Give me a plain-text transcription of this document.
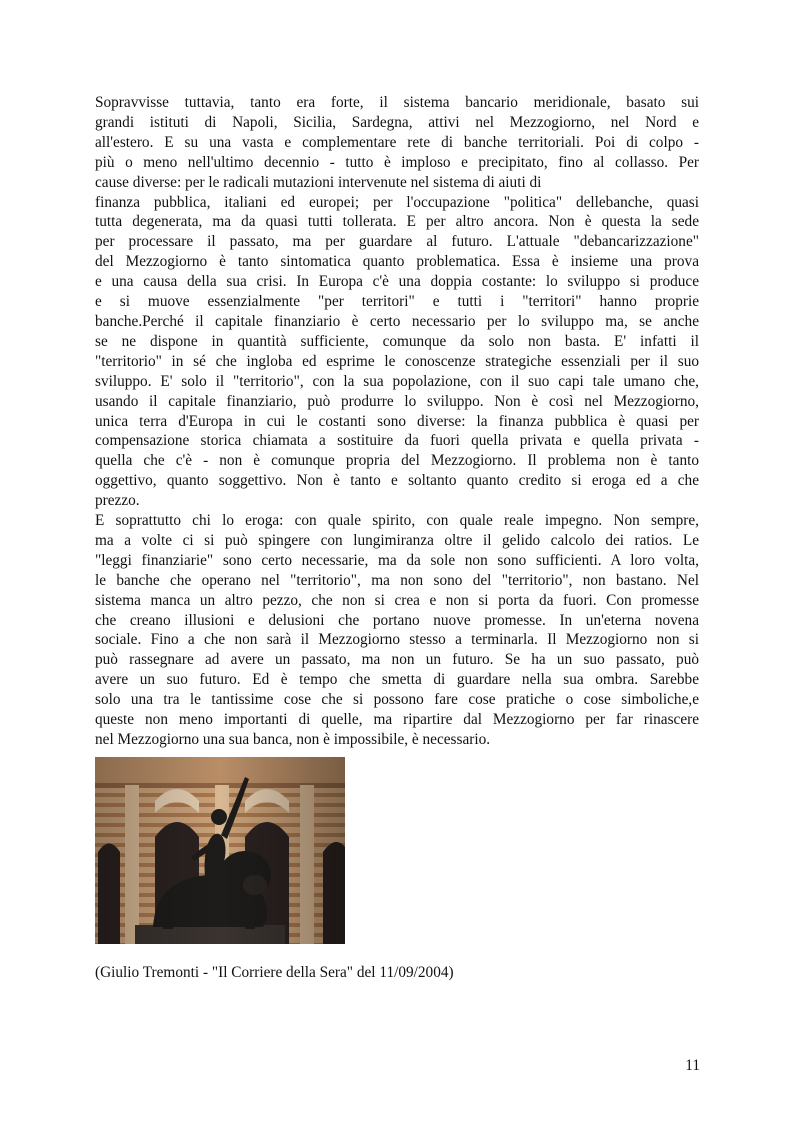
Sopravvisse tuttavia, tanto era forte, il sistema bancario meridionale, basato sui
grandi istituti di Napoli, Sicilia, Sardegna, attivi nel Mezzogiorno, nel Nord e
all'estero. E su una vasta e complementare rete di banche territoriali. Poi di colpo -
più o meno nell'ultimo decennio - tutto è imploso e precipitato, fino al collasso. Per
cause diverse: per le radicali mutazioni intervenute nel sistema di aiuti di
finanza pubblica, italiani ed europei; per l'occupazione "politica" dellebanche, quasi
tutta degenerata, ma da quasi tutti tollerata. E per altro ancora. Non è questa la sede
per processare il passato, ma per guardare al futuro. L'attuale "debancarizzazione"
del Mezzogiorno è tanto sintomatica quanto problematica. Essa è insieme una prova
e una causa della sua crisi. In Europa c'è una doppia costante: lo sviluppo si produce
e si muove essenzialmente "per territori" e tutti i "territori" hanno proprie
banche.Perché il capitale finanziario è certo necessario per lo sviluppo ma, se anche
se ne dispone in quantità sufficiente, comunque da solo non basta. E' infatti il
"territorio" in sé che ingloba ed esprime le conoscenze strategiche essenziali per il suo
sviluppo. E' solo il "territorio", con la sua popolazione, con il suo capi tale umano che,
usando il capitale finanziario, può produrre lo sviluppo. Non è così nel Mezzogiorno,
unica terra d'Europa in cui le costanti sono diverse: la finanza pubblica è quasi per
compensazione storica chiamata a sostituire da fuori quella privata e quella privata -
quella che c'è - non è comunque propria del Mezzogiorno. Il problema non è tanto
oggettivo, quanto soggettivo. Non è tanto e soltanto quanto credito si eroga ed a che
prezzo.

E soprattutto chi lo eroga: con quale spirito, con quale reale impegno. Non sempre,
ma a volte ci si può spingere con lungimiranza oltre il gelido calcolo dei ratios. Le
"leggi finanziarie" sono certo necessarie, ma da sole non sono sufficienti. A loro volta,
le banche che operano nel "territorio", ma non sono del "territorio", non bastano. Nel
sistema manca un altro pezzo, che non si crea e non si porta da fuori. Con promesse
che creano illusioni e delusioni che portano nuove promesse. In un'eterna novena
sociale. Fino a che non sarà il Mezzogiorno stesso a terminarla. Il Mezzogiorno non si
può rassegnare ad avere un passato, ma non un futuro. Se ha un suo passato, può
avere un suo futuro. Ed è tempo che smetta di guardare nella sua ombra. Sarebbe
solo una tra le tantissime cose che si possono fare cose pratiche o cose simboliche,e
queste non meno importanti di quelle, ma ripartire dal Mezzogiorno per far rinascere
nel Mezzogiorno una sua banca, non è impossibile, è necessario.

(Giulio Tremonti - "Il Corriere della Sera" del 11/09/2004)
11
